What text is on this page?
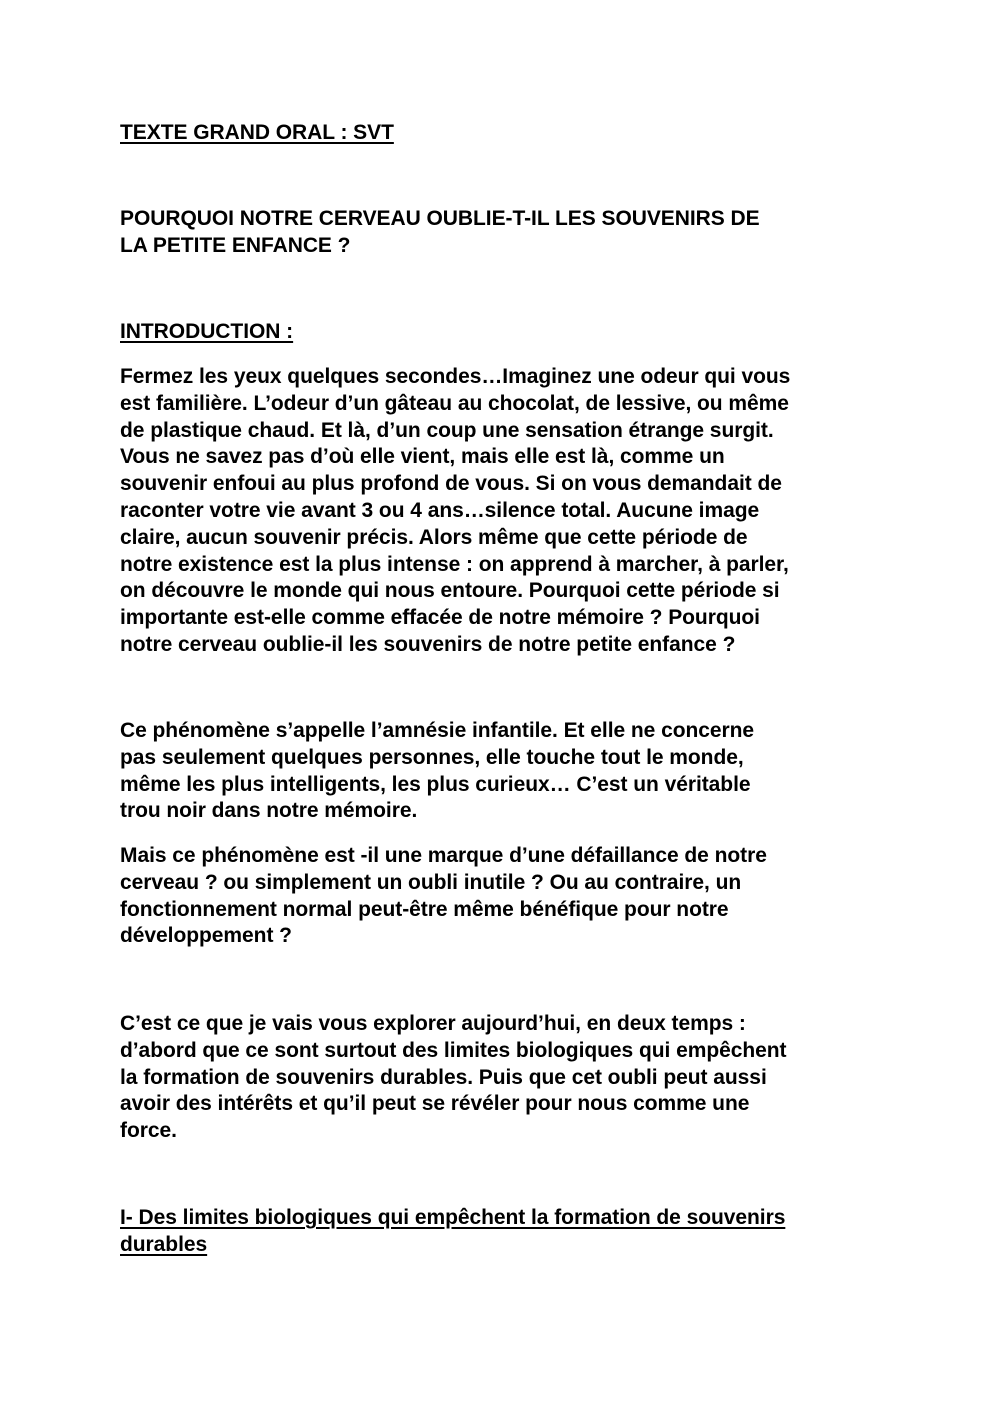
TEXTE GRAND ORAL : SVT

POURQUOI NOTRE CERVEAU OUBLIE-T-IL LES SOUVENIRS DE
LA PETITE ENFANCE ?

INTRODUCTION :

Fermez les yeux quelques secondes…Imaginez une odeur qui vous
est familière. L’odeur d’un gâteau au chocolat, de lessive, ou même
de plastique chaud. Et là, d’un coup une sensation étrange surgit.
Vous ne savez pas d’où elle vient, mais elle est là, comme un
souvenir enfoui au plus profond de vous. Si on vous demandait de
raconter votre vie avant 3 ou 4 ans…silence total. Aucune image
claire, aucun souvenir précis. Alors même que cette période de
notre existence est la plus intense : on apprend à marcher, à parler,
on découvre le monde qui nous entoure. Pourquoi cette période si
importante est-elle comme effacée de notre mémoire ? Pourquoi
notre cerveau oublie-il les souvenirs de notre petite enfance ?

Ce phénomène s’appelle l’amnésie infantile. Et elle ne concerne
pas seulement quelques personnes, elle touche tout le monde,
même les plus intelligents, les plus curieux… C’est un véritable
trou noir dans notre mémoire.

Mais ce phénomène est -il une marque d’une défaillance de notre
cerveau ? ou simplement un oubli inutile ? Ou au contraire, un
fonctionnement normal peut-être même bénéfique pour notre
développement ?

C’est ce que je vais vous explorer aujourd’hui, en deux temps :
d’abord que ce sont surtout des limites biologiques qui empêchent
la formation de souvenirs durables. Puis que cet oubli peut aussi
avoir des intérêts et qu’il peut se révéler pour nous comme une
force.

I- Des limites biologiques qui empêchent la formation de souvenirs
durables
